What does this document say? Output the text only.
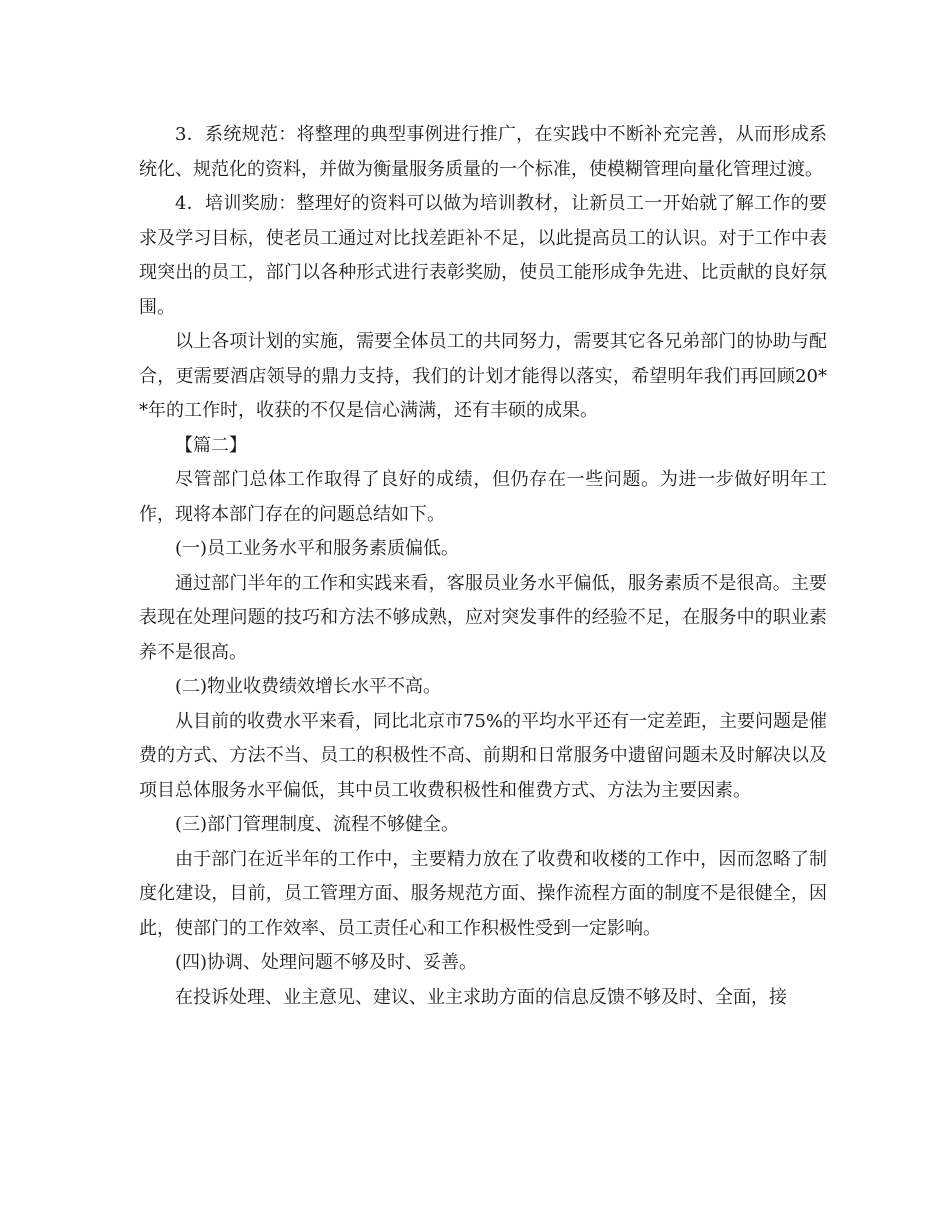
3．系统规范：将整理的典型事例进行推广，在实践中不断补充完善，从而形成系统化、规范化的资料，并做为衡量服务质量的一个标准，使模糊管理向量化管理过渡。

4．培训奖励：整理好的资料可以做为培训教材，让新员工一开始就了解工作的要求及学习目标，使老员工通过对比找差距补不足，以此提高员工的认识。对于工作中表现突出的员工，部门以各种形式进行表彰奖励，使员工能形成争先进、比贡献的良好氛围。

以上各项计划的实施，需要全体员工的共同努力，需要其它各兄弟部门的协助与配合，更需要酒店领导的鼎力支持，我们的计划才能得以落实，希望明年我们再回顾20**年的工作时，收获的不仅是信心满满，还有丰硕的成果。

【篇二】

尽管部门总体工作取得了良好的成绩，但仍存在一些问题。为进一步做好明年工作，现将本部门存在的问题总结如下。

(一)员工业务水平和服务素质偏低。

通过部门半年的工作和实践来看，客服员业务水平偏低，服务素质不是很高。主要表现在处理问题的技巧和方法不够成熟，应对突发事件的经验不足，在服务中的职业素养不是很高。

(二)物业收费绩效增长水平不高。

从目前的收费水平来看，同比北京市75%的平均水平还有一定差距，主要问题是催费的方式、方法不当、员工的积极性不高、前期和日常服务中遗留问题未及时解决以及项目总体服务水平偏低，其中员工收费积极性和催费方式、方法为主要因素。

(三)部门管理制度、流程不够健全。

由于部门在近半年的工作中，主要精力放在了收费和收楼的工作中，因而忽略了制度化建设，目前，员工管理方面、服务规范方面、操作流程方面的制度不是很健全，因此，使部门的工作效率、员工责任心和工作积极性受到一定影响。

(四)协调、处理问题不够及时、妥善。

在投诉处理、业主意见、建议、业主求助方面的信息反馈不够及时、全面，接
